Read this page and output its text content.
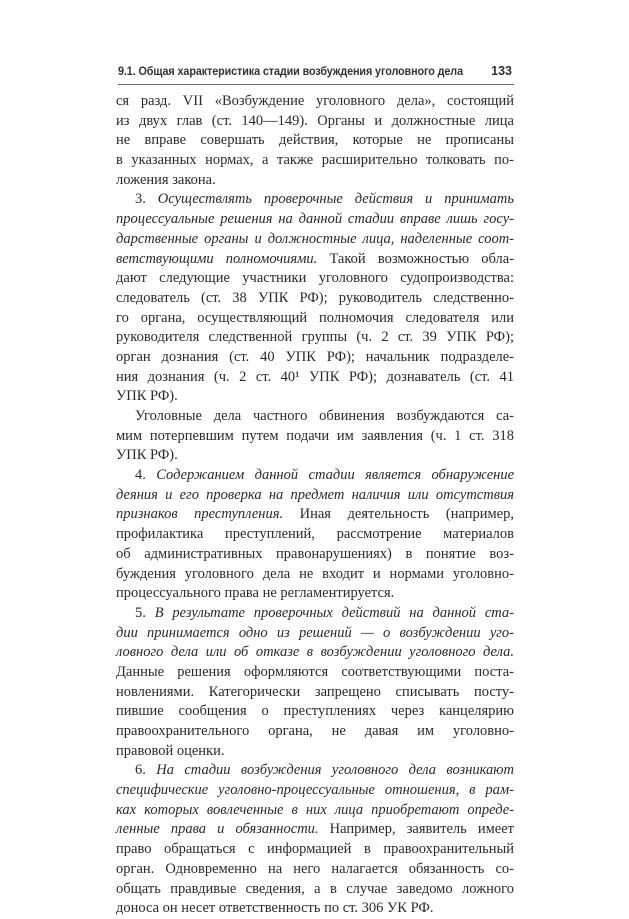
9.1. Общая характеристика стадии возбуждения уголовного дела 133
ся разд. VII «Возбуждение уголовного дела», состоящий
из двух глав (ст. 140—149). Органы и должностные лица
не вправе совершать действия, которые не прописаны
в указанных нормах, а также расширительно толковать по-
ложения закона.
3. Осуществлять проверочные действия и принимать
процессуальные решения на данной стадии вправе лишь госу-
дарственные органы и должностные лица, наделенные соот-
ветствующими полномочиями. Такой возможностью обла-
дают следующие участники уголовного судопроизводства:
следователь (ст. 38 УПК РФ); руководитель следственно-
го органа, осуществляющий полномочия следователя или
руководителя следственной группы (ч. 2 ст. 39 УПК РФ);
орган дознания (ст. 40 УПК РФ); начальник подразделе-
ния дознания (ч. 2 ст. 40¹ УПК РФ); дознаватель (ст. 41
УПК РФ).
Уголовные дела частного обвинения возбуждаются са-
мим потерпевшим путем подачи им заявления (ч. 1 ст. 318
УПК РФ).
4. Содержанием данной стадии является обнаружение
деяния и его проверка на предмет наличия или отсутствия
признаков преступления. Иная деятельность (например,
профилактика преступлений, рассмотрение материалов
об административных правонарушениях) в понятие воз-
буждения уголовного дела не входит и нормами уголовно-
процессуального права не регламентируется.
5. В результате проверочных действий на данной ста-
дии принимается одно из решений — о возбуждении уго-
ловного дела или об отказе в возбуждении уголовного дела.
Данные решения оформляются соответствующими поста-
новлениями. Категорически запрещено списывать посту-
пившие сообщения о преступлениях через канцелярию
правоохранительного органа, не давая им уголовно-
правовой оценки.
6. На стадии возбуждения уголовного дела возникают
специфические уголовно-процессуальные отношения, в рам-
ках которых вовлеченные в них лица приобретают опреде-
ленные права и обязанности. Например, заявитель имеет
право обращаться с информацией в правоохранительный
орган. Одновременно на него налагается обязанность со-
общать правдивые сведения, а в случае заведомо ложного
доноса он несет ответственность по ст. 306 УК РФ.
